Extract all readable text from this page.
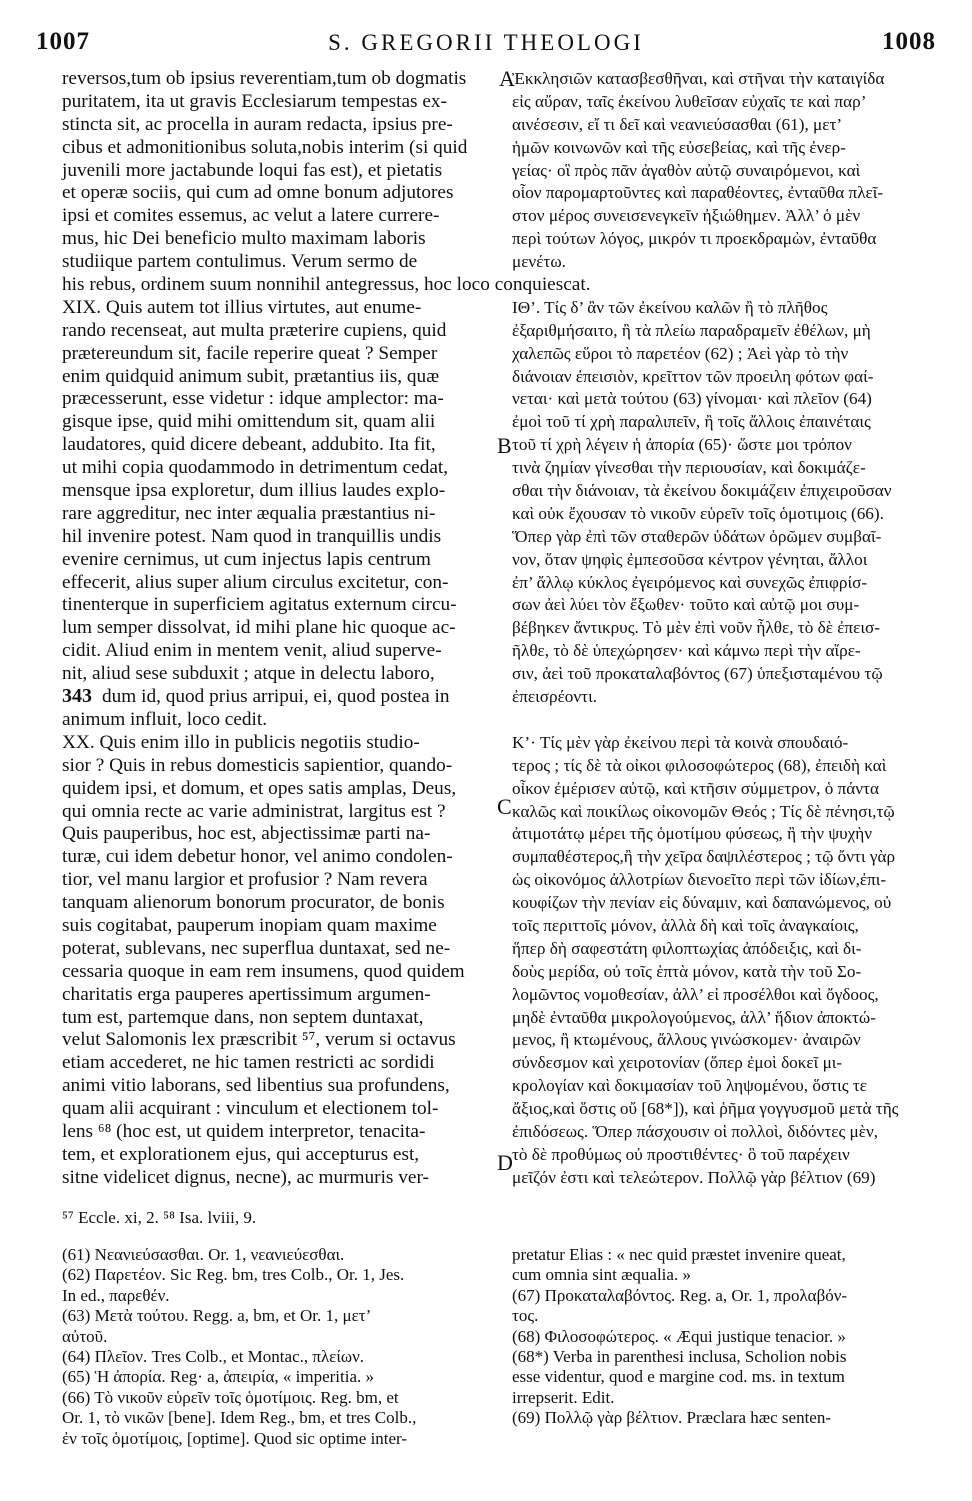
1007	S. GREGORII THEOLOGI	1008
A
B
C
D
343
reversos,tum ob ipsius reverentiam,tum ob dogmatis
puritatem, ita ut gravis Ecclesiarum tempestas ex-
stincta sit, ac procella in auram redacta, ipsius pre-
cibus et admonitionibus soluta,nobis interim (si quid
juvenili more jactabunde loqui fas est), et pietatis
et operæ sociis, qui cum ad omne bonum adjutores
ipsi et comites essemus, ac velut a latere currere-
mus, hic Dei beneficio multo maximam laboris
studiique partem contulimus. Verum sermo de
his rebus, ordinem suum nonnihil antegressus, hoc loco conquiescat.
XIX. Quis autem tot illius virtutes, aut enume-
rando recenseat, aut multa præterire cupiens, quid
prætereundum sit, facile reperire queat ? Semper
enim quidquid animum subit, prætantius iis, quæ
præcesserunt, esse videtur : idque amplector: ma-
gisque ipse, quid mihi omittendum sit, quam alii
laudatores, quid dicere debeant, addubito. Ita fit,
ut mihi copia quodammodo in detrimentum cedat,
mensque ipsa exploretur, dum illius laudes explo-
rare aggreditur, nec inter æqualia præstantius ni-
hil invenire potest. Nam quod in tranquillis undis
evenire cernimus, ut cum injectus lapis centrum
effecerit, alius super alium circulus excitetur, con-
tinenterque in superficiem agitatus externum circu-
lum semper dissolvat, id mihi plane hic quoque ac-
cidit. Aliud enim in mentem venit, aliud superve-
nit, aliud sese subduxit ; atque in delectu laboro,
dum id, quod prius arripui, ei, quod postea in
animum influit, loco cedit.
XX. Quis enim illo in publicis negotiis studio-
sior ? Quis in rebus domesticis sapientior, quando-
quidem ipsi, et domum, et opes satis amplas, Deus,
qui omnia recte ac varie administrat, largitus est ?
Quis pauperibus, hoc est, abjectissimæ parti na-
turæ, cui idem debetur honor, vel animo condolen-
tior, vel manu largior et profusior ? Nam revera
tanquam alienorum bonorum procurator, de bonis
suis cogitabat, pauperum inopiam quam maxime
poterat, sublevans, nec superflua duntaxat, sed ne-
cessaria quoque in eam rem insumens, quod quidem
charitatis erga pauperes apertissimum argumen-
tum est, partemque dans, non septem duntaxat,
velut Salomonis lex præscribit ⁵⁷, verum si octavus
etiam accederet, ne hic tamen restricti ac sordidi
animi vitio laborans, sed libentius sua profundens,
quam alii acquirant : vinculum et electionem tol-
lens ⁶⁸ (hoc est, ut quidem interpretor, tenacita-
tem, et explorationem ejus, qui accepturus est,
sitne videlicet dignus, necne), ac murmuris ver-
Ἐκκλησιῶν κατασβεσθῆναι, καὶ στῆναι τὴν καταιγίδα
εἰς αὔραν, ταῖς ἐκείνου λυθεῖσαν εὐχαῖς τε καὶ παρ’
αινέσεσιν, εἴ τι δεῖ καὶ νεανιεύσασθαι (61), μετ’
ἡμῶν κοινωνῶν καὶ τῆς εὐσεβείας, καὶ τῆς ἐνερ-
γείας· οἳ πρὸς πᾶν ἀγαθὸν αὐτῷ συναιρόμενοι, καὶ
οἷον παρομαρτοῦντες καὶ παραθέοντες, ἐνταῦθα πλεῖ-
στον μέρος συνεισενεγκεῖν ἠξιώθημεν. Ἀλλ’ ὁ μὲν
περὶ τούτων λόγος, μικρόν τι προεκδραμὼν, ἐνταῦθα
μενέτω.
ΙΘ’. Τίς δ’ ἂν τῶν ἐκείνου καλῶν ἢ τὸ πλῆθος
ἐξαριθμήσαιτο, ἢ τὰ πλείω παραδραμεῖν ἐθέλων, μὴ
χαλεπῶς εὕροι τὸ παρετέον (62) ; Ἀεὶ γὰρ τὸ τὴν
διάνοιαν ἐπεισιὸν, κρεῖττον τῶν προειλη φότων φαί-
νεται· καὶ μετὰ τούτου (63) γίνομαι· καὶ πλεῖον (64)
ἐμοὶ τοῦ τί χρὴ παραλιπεῖν, ἢ τοῖς ἄλλοις ἐπαινέταις
τοῦ τί χρὴ λέγειν ἡ ἀπορία (65)· ὥστε μοι τρόπον
τινὰ ζημίαν γίνεσθαι τὴν περιουσίαν, καὶ δοκιμάζε-
σθαι τὴν διάνοιαν, τὰ ἐκείνου δοκιμάζειν ἐπιχειροῦσαν
καὶ οὐκ ἔχουσαν τὸ νικοῦν εὑρεῖν τοῖς ὁμοτιμοις (66).
Ὅπερ γὰρ ἐπὶ τῶν σταθερῶν ὑδάτων ὁρῶμεν συμβαῖ-
νον, ὅταν ψηφὶς ἐμπεσοῦσα κέντρον γένηται, ἄλλοι
ἐπ’ ἄλλῳ κύκλος ἐγειρόμενος καὶ συνεχῶς ἐπιφρίσ-
σων ἀεὶ λύει τὸν ἔξωθεν· τοῦτο καὶ αὐτῷ μοι συμ-
βέβηκεν ἄντικρυς. Τὸ μὲν ἐπὶ νοῦν ἦλθε, τὸ δὲ ἐπεισ-
ῆλθε, τὸ δὲ ὑπεχώρησεν· καὶ κάμνω περὶ τὴν αἵρε-
σιν, ἀεὶ τοῦ προκαταλαβόντος (67) ὑπεξισταμένου τῷ
ἐπεισρέοντι.
Κ’· Τίς μὲν γὰρ ἐκείνου περὶ τὰ κοινὰ σπουδαιό-
τερος ; τίς δὲ τὰ οἰκοι φιλοσοφώτερος (68), ἐπειδὴ καὶ
οἶκον ἐμέρισεν αὐτῷ, καὶ κτῆσιν σύμμετρον, ὁ πάντα
καλῶς καὶ ποικίλως οἰκονομῶν Θεός ; Τίς δὲ πένησι,τῷ
ἀτιμοτάτῳ μέρει τῆς ὁμοτίμου φύσεως, ἢ τὴν ψυχὴν
συμπαθέστερος,ἢ τὴν χεῖρα δαψιλέστερος ; τῷ ὄντι γὰρ
ὡς οἰκονόμος ἀλλοτρίων διενοεῖτο περὶ τῶν ἰδίων,ἐπι-
κουφίζων τὴν πενίαν εἰς δύναμιν, καὶ δαπανώμενος, οὐ
τοῖς περιττοῖς μόνον, ἀλλὰ δὴ καὶ τοῖς ἀναγκαίοις,
ἥπερ δὴ σαφεστάτη φιλοπτωχίας ἀπόδειξις, καὶ δι-
δοὺς μερίδα, οὐ τοῖς ἑπτὰ μόνον, κατὰ τὴν τοῦ Σο-
λομῶντος νομοθεσίαν, ἀλλ’ εἰ προσέλθοι καὶ ὄγδοος,
μηδὲ ἐνταῦθα μικρολογούμενος, ἀλλ’ ἥδιον ἀποκτώ-
μενος, ἢ κτωμένους, ἄλλους γινώσκομεν· ἀναιρῶν
σύνδεσμον καὶ χειροτονίαν (ὅπερ ἐμοὶ δοκεῖ μι-
κρολογίαν καὶ δοκιμασίαν τοῦ ληψομένου, ὅστις τε
ἄξιος,καὶ ὅστις οὔ [68*]), καὶ ῥῆμα γογγυσμοῦ μετὰ τῆς
ἐπιδόσεως. Ὅπερ πάσχουσιν οἱ πολλοὶ, διδόντες μὲν,
τὸ δὲ προθύμως οὐ προστιθέντες· ὃ τοῦ παρέχειν
μεῖζόν ἐστι καὶ τελεώτερον. Πολλῷ γὰρ βέλτιον (69)
⁵⁷ Eccle. xi, 2. ⁵⁸ Isa. lviii, 9.
(61) Νεανιεύσασθαι. Or. 1, νεανιεύεσθαι.
(62) Παρετέον. Sic Reg. bm, tres Colb., Or. 1, Jes.
In ed., παρεθέν.
(63) Μετὰ τούτου. Regg. a, bm, et Or. 1, μετ’
αὐτοῦ.
(64) Πλεῖον. Tres Colb., et Montac., πλείων.
(65) Ἡ ἀπορία. Reg· a, ἀπειρία, « imperitia. »
(66) Τὸ νικοῦν εὑρεῖν τοῖς ὁμοτίμοις. Reg. bm, et
Or. 1, τὸ νικῶν [bene]. Idem Reg., bm, et tres Colb.,
ἐν τοῖς ὁμοτίμοις, [optime]. Quod sic optime inter-
pretatur Elias : « nec quid præstet invenire queat,
cum omnia sint æqualia. »
(67) Προκαταλαβόντος. Reg. a, Or. 1, προλαβόν-
τος.
(68) Φιλοσοφώτερος. « Æqui justique tenacior. »
(68*) Verba in parenthesi inclusa, Scholion nobis
esse videntur, quod e margine cod. ms. in textum
irrepserit. Edit.
(69) Πολλῷ γὰρ βέλτιον. Præclara hæc senten-
